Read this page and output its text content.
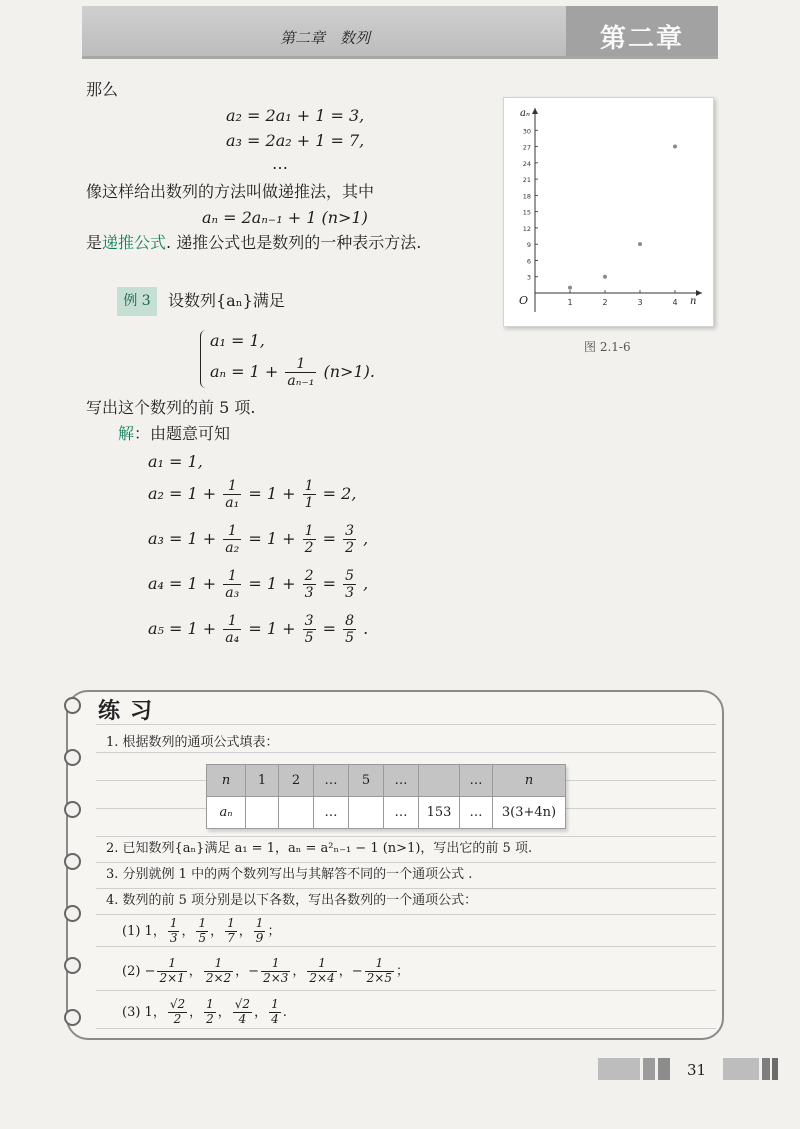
第二章　数列	第二章
那么
a₂ = 2a₁ + 1 = 3,
a₃ = 2a₂ + 1 = 7,
…
像这样给出数列的方法叫做递推法，其中
aₙ = 2aₙ₋₁ + 1 (n>1)
是递推公式. 递推公式也是数列的一种表示方法.
aₙ
n
O
3
6
9
12
15
18
21
24
27
30
1	2	3	4
图 2.1-6
例 3	设数列{aₙ}满足
a₁ = 1,
$a_n = 1 + \frac{1}{\text{aₙ₋₁}} (n>1)$.
写出这个数列的前 5 项.
解：由题意可知
a₁ = 1,
$a_2 = 1 + \frac{1}{\text{a₁}} = 1 + \frac{1}{1} = 2$,
$a_3 = 1 + \frac{1}{\text{a₂}} = 1 + \frac{1}{2} = \frac{3}{2}$ ,
$a_4 = 1 + \frac{1}{\text{a₃}} = 1 + \frac{2}{3} = \frac{5}{3}$ ,
$a_5 = 1 + \frac{1}{\text{a₄}} = 1 + \frac{3}{5} = \frac{8}{5}$ .
练习
1. 根据数列的通项公式填表：
n	1	2	…	5	…		…	n
aₙ			…		…	153	…	3(3+4n)
2. 已知数列{aₙ}满足 a₁ = 1，aₙ = a²ₙ₋₁ − 1 (n>1)，写出它的前 5 项.
3. 分别就例 1 中的两个数列写出与其解答不同的一个通项公式 .
4. 数列的前 5 项分别是以下各数，写出各数列的一个通项公式：
(1) 1， $\frac{1}{3}$ ， $\frac{1}{5}$ ， $\frac{1}{7}$ ， $\frac{1}{9}$ ；
$(2) - \frac{1}{2\times 1}$ ， $\frac{1}{2\times 2}$ ，− $\frac{1}{2\times 3}$ ， $\frac{1}{2\times 4}$ ，− $\frac{1}{2\times 5}$ ；
(3) 1， $\frac{√2}{2}$ ， $\frac{1}{2}$ ， $\frac{√2}{4}$ ， $\frac{1}{4}$ .
31
